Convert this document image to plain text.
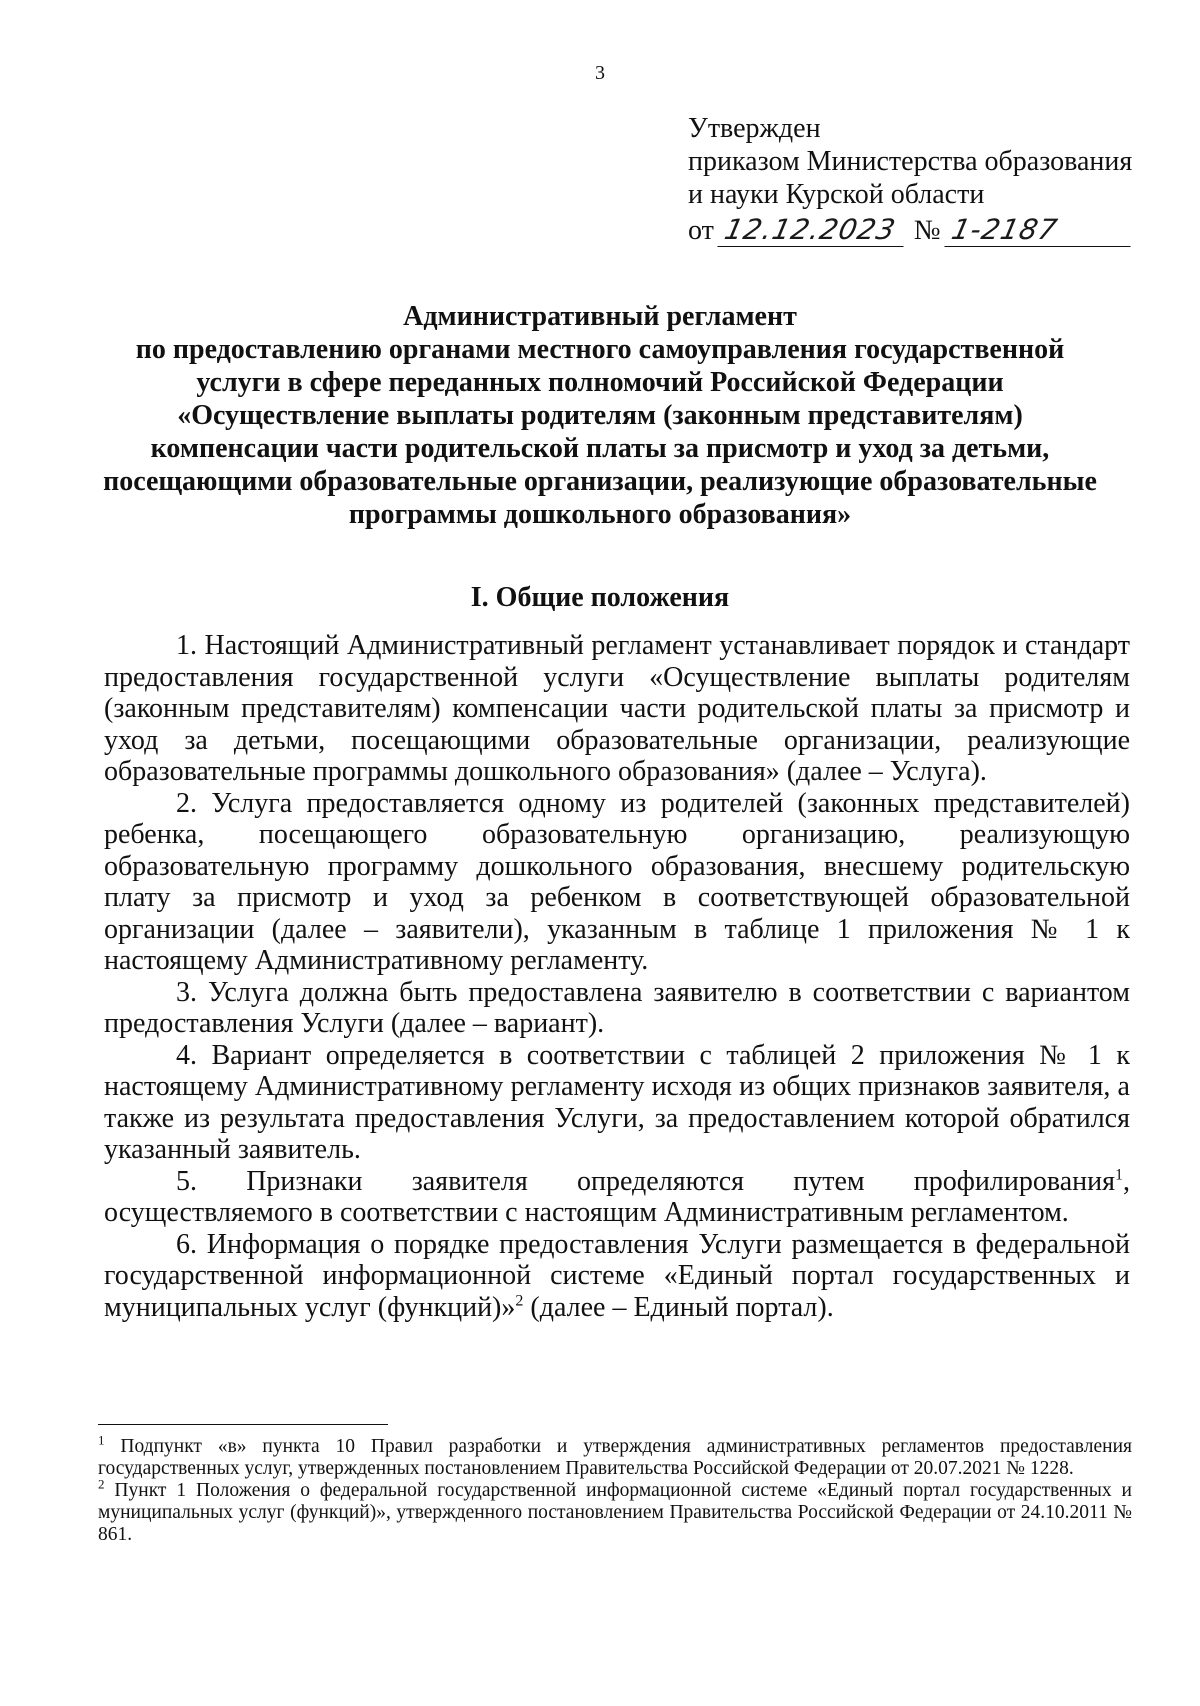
3
Утвержден
приказом Министерства образования
и науки Курской области
от 12.12.2023 № 1-2187
Административный регламент
по предоставлению органами местного самоуправления государственной
услуги в сфере переданных полномочий Российской Федерации
«Осуществление выплаты родителям (законным представителям)
компенсации части родительской платы за присмотр и уход за детьми,
посещающими образовательные организации, реализующие образовательные
программы дошкольного образования»
I. Общие положения

1. Настоящий Административный регламент устанавливает порядок и стандарт предоставления государственной услуги «Осуществление выплаты родителям (законным представителям) компенсации части родительской платы за присмотр и уход за детьми, посещающими образовательные организации, реализующие образовательные программы дошкольного образования» (далее – Услуга).

2. Услуга предоставляется одному из родителей (законных представителей) ребенка, посещающего образовательную организацию, реализующую образовательную программу дошкольного образования, внесшему родительскую плату за присмотр и уход за ребенком в соответствующей образовательной организации (далее – заявители), указанным в таблице 1 приложения № 1 к настоящему Административному регламенту.

3. Услуга должна быть предоставлена заявителю в соответствии с вариантом предоставления Услуги (далее – вариант).

4. Вариант определяется в соответствии с таблицей 2 приложения № 1 к настоящему Административному регламенту исходя из общих признаков заявителя, а также из результата предоставления Услуги, за предоставлением которой обратился указанный заявитель.

5. Признаки заявителя определяются путем профилирования$^1$, осуществляемого в соответствии с настоящим Административным регламентом.

6. Информация о порядке предоставления Услуги размещается в федеральной государственной информационной системе «Единый портал государственных и муниципальных услуг (функций)»$^2$ (далее – Единый портал).

$^1$ Подпункт «в» пункта 10 Правил разработки и утверждения административных регламентов предоставления государственных услуг, утвержденных постановлением Правительства Российской Федерации от 20.07.2021 № 1228.

$^2$ Пункт 1 Положения о федеральной государственной информационной системе «Единый портал государственных и муниципальных услуг (функций)», утвержденного постановлением Правительства Российской Федерации от 24.10.2011 № 861.
